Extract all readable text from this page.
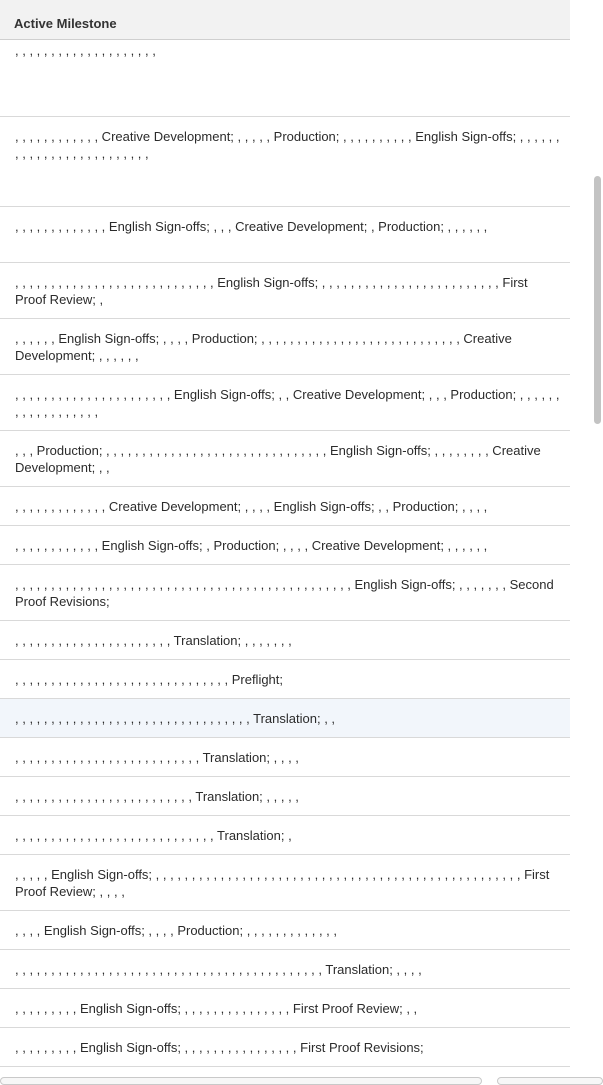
Active Milestone
, , , , , , , , , , , , , , , , , , , ,
, , , , , , , , , , , , Creative Development; , , , , , Production; , , , , , , , , , , English Sign-offs; , , , , , , , , , , , , , , , , , , , , , , , , ,
, , , , , , , , , , , , , English Sign-offs; , , , Creative Development; , Production; , , , , , ,
, , , , , , , , , , , , , , , , , , , , , , , , , , , , English Sign-offs; , , , , , , , , , , , , , , , , , , , , , , , , , First Proof Review; ,
, , , , , , English Sign-offs; , , , , Production; , , , , , , , , , , , , , , , , , , , , , , , , , , , , Creative Development; , , , , , ,
, , , , , , , , , , , , , , , , , , , , , , English Sign-offs; , , Creative Development; , , , Production; , , , , , , , , , , , , , , , , , ,
, , , Production; , , , , , , , , , , , , , , , , , , , , , , , , , , , , , , , English Sign-offs; , , , , , , , , Creative Development; , ,
, , , , , , , , , , , , , Creative Development; , , , , English Sign-offs; , , Production; , , , ,
, , , , , , , , , , , , English Sign-offs; , Production; , , , , Creative Development; , , , , , ,
, , , , , , , , , , , , , , , , , , , , , , , , , , , , , , , , , , , , , , , , , , , , , , , English Sign-offs; , , , , , , , Second Proof Revisions;
, , , , , , , , , , , , , , , , , , , , , , Translation; , , , , , , ,
, , , , , , , , , , , , , , , , , , , , , , , , , , , , , , Preflight;
, , , , , , , , , , , , , , , , , , , , , , , , , , , , , , , , , Translation; , ,
, , , , , , , , , , , , , , , , , , , , , , , , , , Translation; , , , ,
, , , , , , , , , , , , , , , , , , , , , , , , , Translation; , , , , ,
, , , , , , , , , , , , , , , , , , , , , , , , , , , , Translation; ,
, , , , , English Sign-offs; , , , , , , , , , , , , , , , , , , , , , , , , , , , , , , , , , , , , , , , , , , , , , , , , , , , First Proof Review; , , , ,
, , , , English Sign-offs; , , , , Production; , , , , , , , , , , , , ,
, , , , , , , , , , , , , , , , , , , , , , , , , , , , , , , , , , , , , , , , , , , Translation; , , , ,
, , , , , , , , , English Sign-offs; , , , , , , , , , , , , , , , First Proof Review; , ,
, , , , , , , , , English Sign-offs; , , , , , , , , , , , , , , , , First Proof Revisions;
